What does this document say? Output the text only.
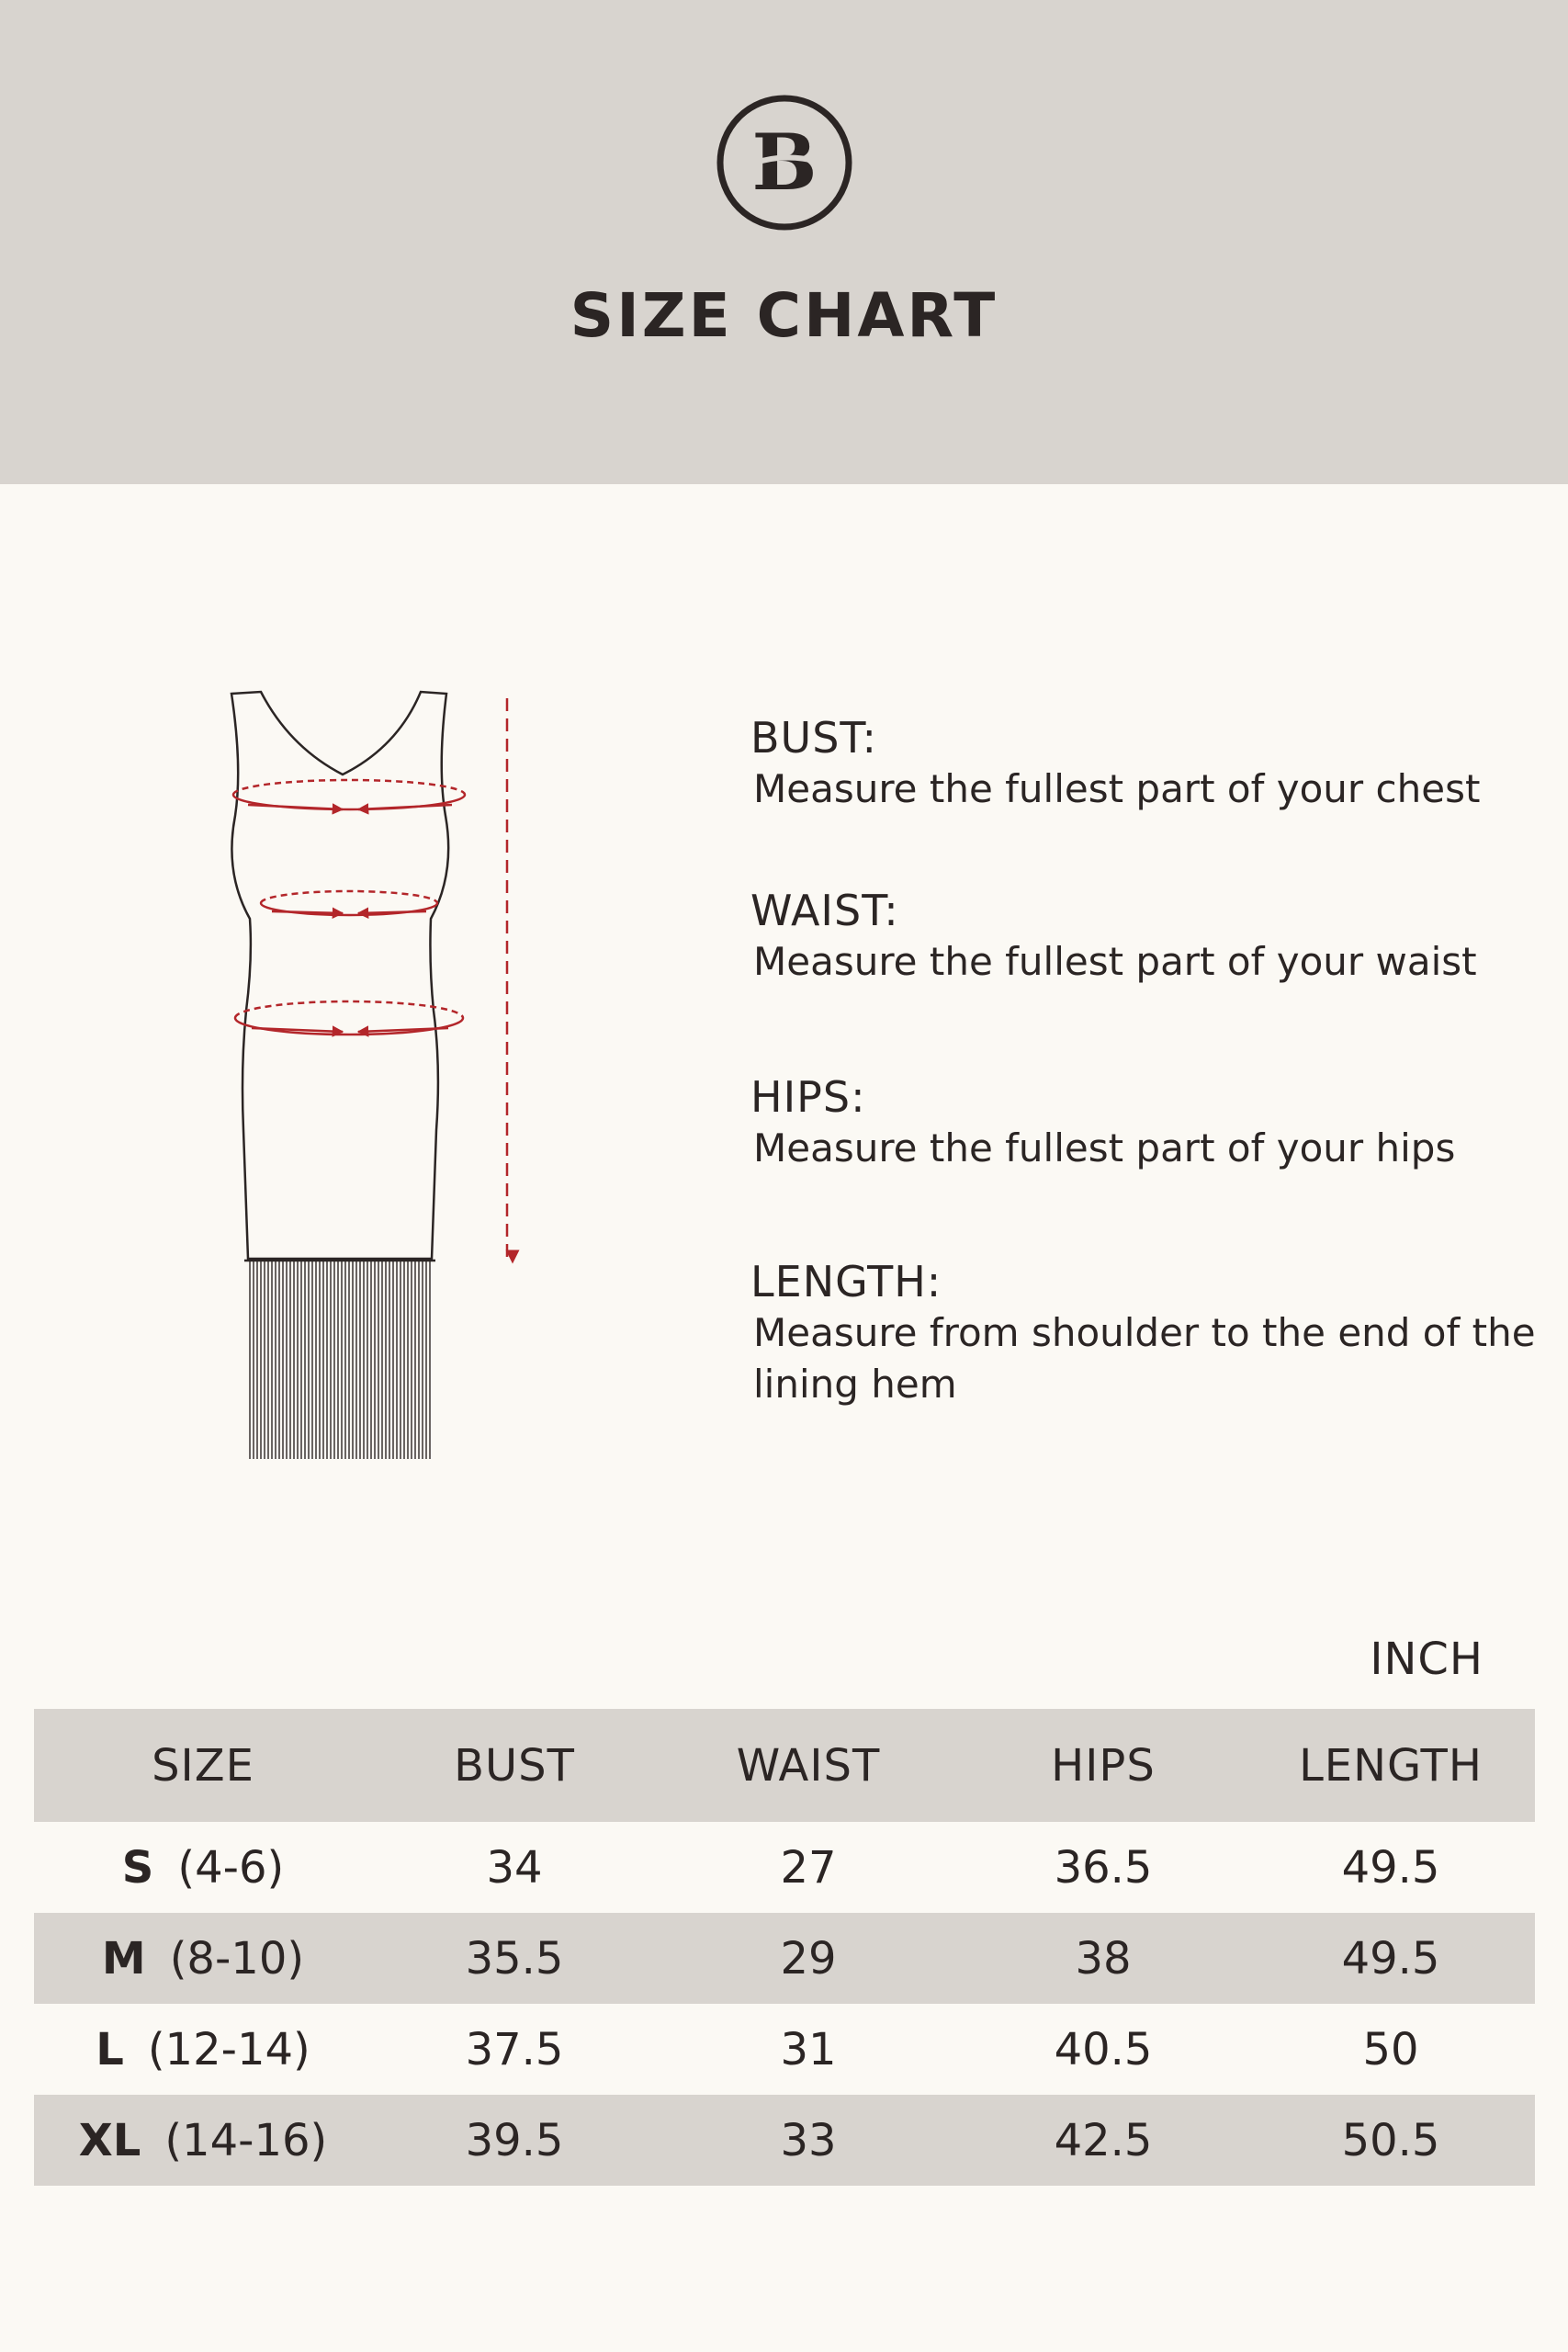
B
SIZE CHART
BUST:
Measure the fullest part of your chest
WAIST:
Measure the fullest part of your waist
HIPS:
Measure the fullest part of your hips
LENGTH:
Measure from shoulder to the end of the lining hem
INCH
SIZE	BUST	WAIST	HIPS	LENGTH
S (4-6)	34	27	36.5	49.5
M (8-10)	35.5	29	38	49.5
L (12-14)	37.5	31	40.5	50
XL (14-16)	39.5	33	42.5	50.5
